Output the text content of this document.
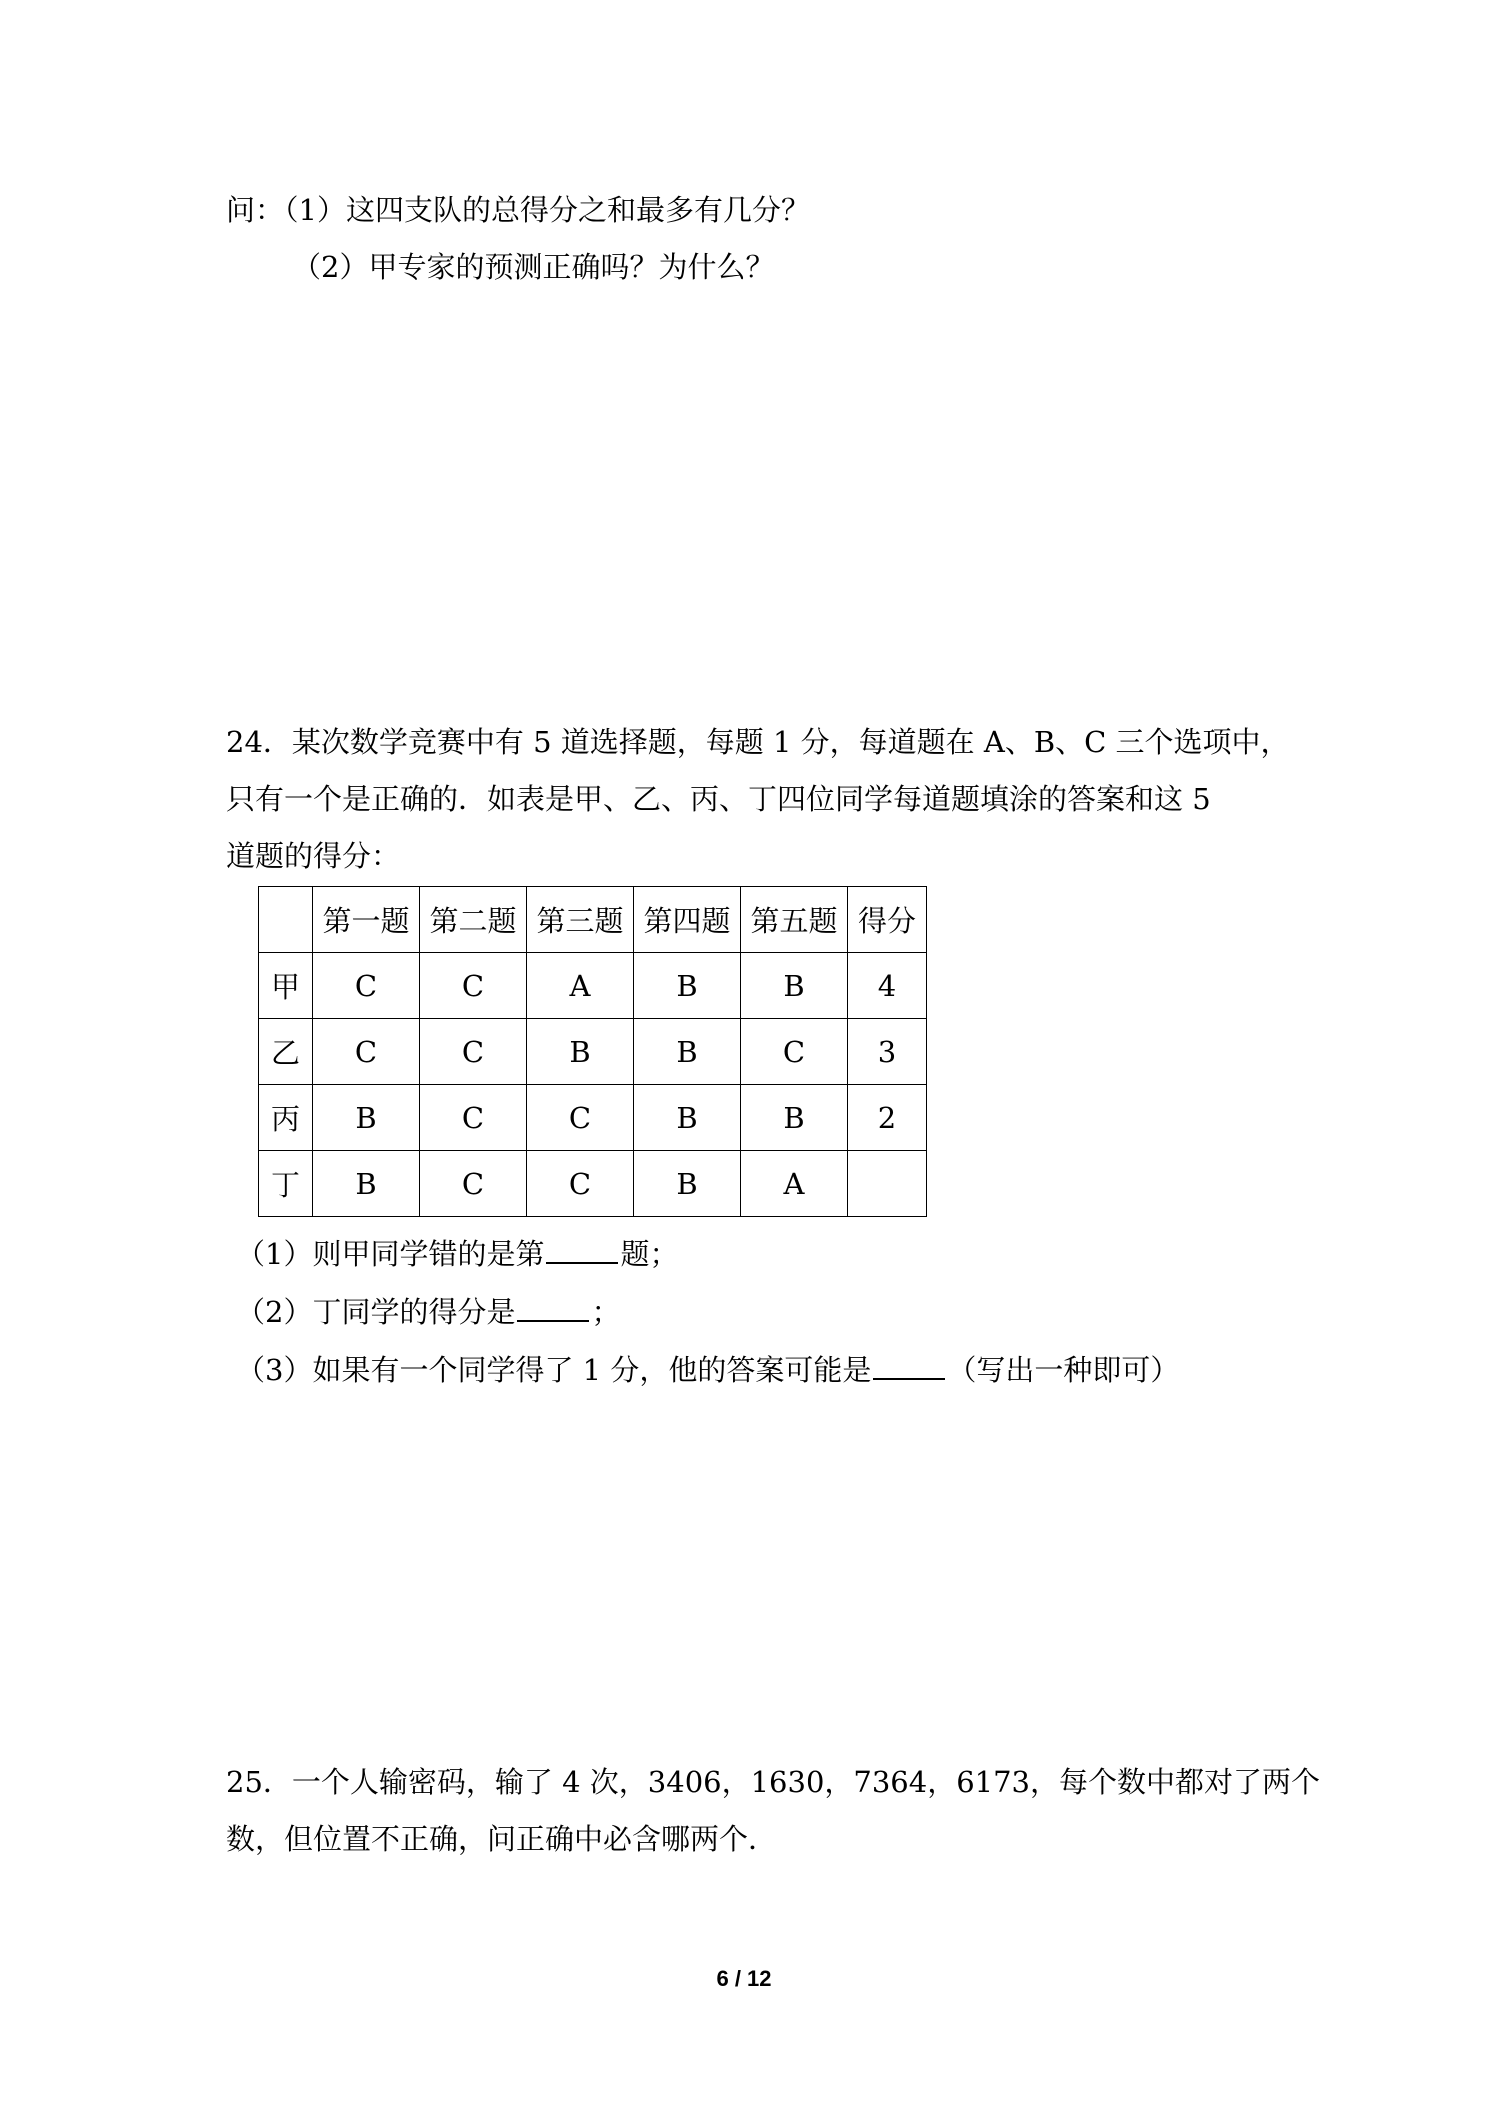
问：（1）这四支队的总得分之和最多有几分？

（2）甲专家的预测正确吗？为什么？

24．某次数学竞赛中有 5 道选择题，每题 1 分，每道题在 A、B、C 三个选项中，

只有一个是正确的．如表是甲、乙、丙、丁四位同学每道题填涂的答案和这 5

道题的得分：

	第一题	第二题	第三题	第四题	第五题	得分
甲	C	C	A	B	B	4
乙	C	C	B	B	C	3
丙	B	C	C	B	B	2
丁	B	C	C	B	A	

（1）则甲同学错的是第	题；

（2）丁同学的得分是	；

（3）如果有一个同学得了 1 分，他的答案可能是	（写出一种即可）

25．一个人输密码，输了 4 次，3406，1630，7364，6173，每个数中都对了两个

数，但位置不正确，问正确中必含哪两个．

6 / 12
